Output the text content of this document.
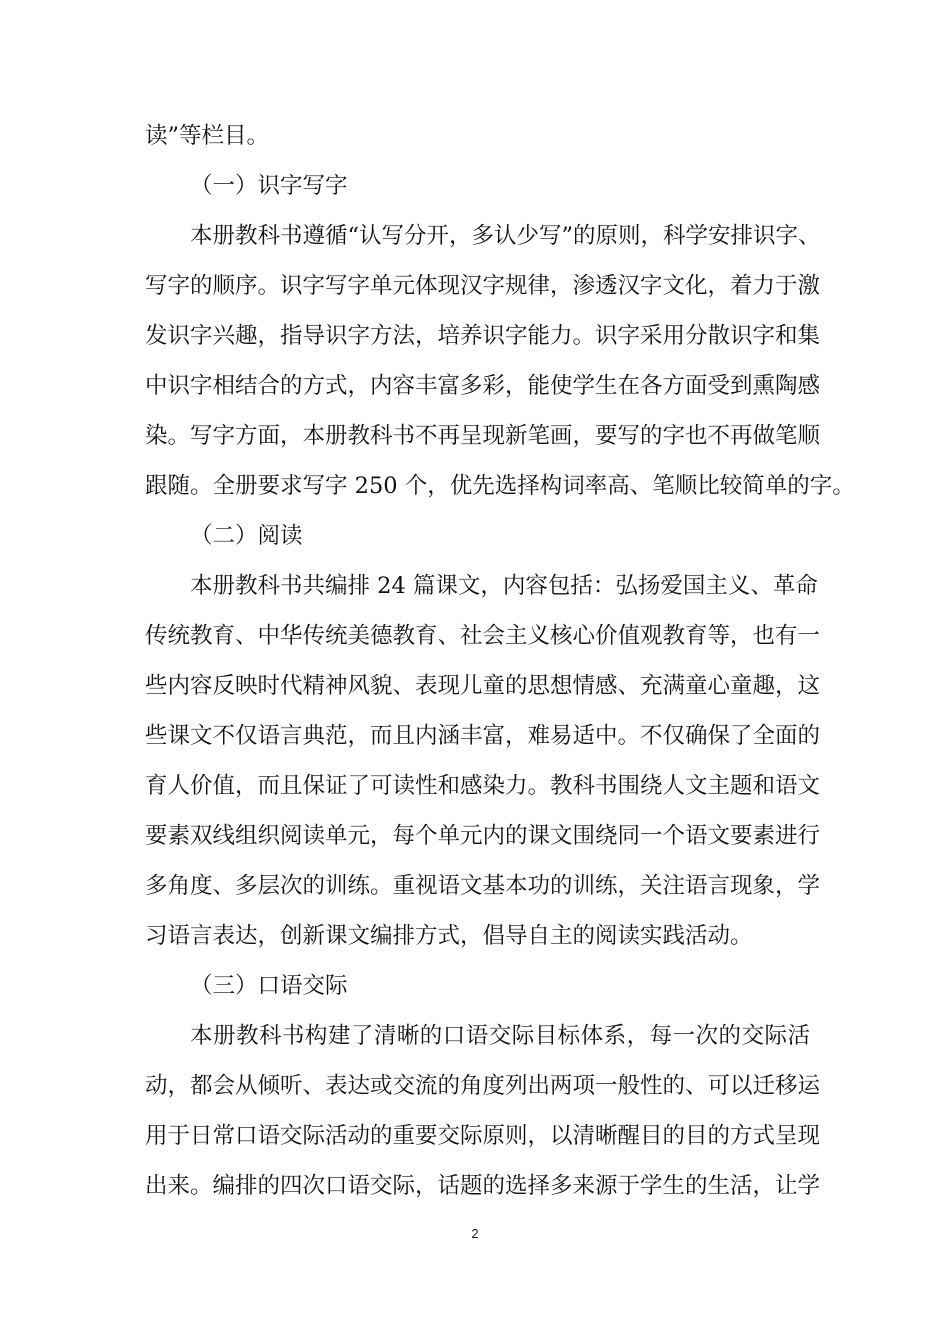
读”等栏目。
（一）识字写字
本册教科书遵循“认写分开，多认少写”的原则，科学安排识字、
写字的顺序。识字写字单元体现汉字规律，渗透汉字文化，着力于激
发识字兴趣，指导识字方法，培养识字能力。识字采用分散识字和集
中识字相结合的方式，内容丰富多彩，能使学生在各方面受到熏陶感
染。写字方面，本册教科书不再呈现新笔画，要写的字也不再做笔顺
跟随。全册要求写字 250 个，优先选择构词率高、笔顺比较简单的字。
（二）阅读
本册教科书共编排 24 篇课文，内容包括：弘扬爱国主义、革命
传统教育、中华传统美德教育、社会主义核心价值观教育等，也有一
些内容反映时代精神风貌、表现儿童的思想情感、充满童心童趣，这
些课文不仅语言典范，而且内涵丰富，难易适中。不仅确保了全面的
育人价值，而且保证了可读性和感染力。教科书围绕人文主题和语文
要素双线组织阅读单元，每个单元内的课文围绕同一个语文要素进行
多角度、多层次的训练。重视语文基本功的训练，关注语言现象，学
习语言表达，创新课文编排方式，倡导自主的阅读实践活动。
（三）口语交际
本册教科书构建了清晰的口语交际目标体系，每一次的交际活
动，都会从倾听、表达或交流的角度列出两项一般性的、可以迁移运
用于日常口语交际活动的重要交际原则，以清晰醒目的目的方式呈现
出来。编排的四次口语交际，话题的选择多来源于学生的生活，让学
2
